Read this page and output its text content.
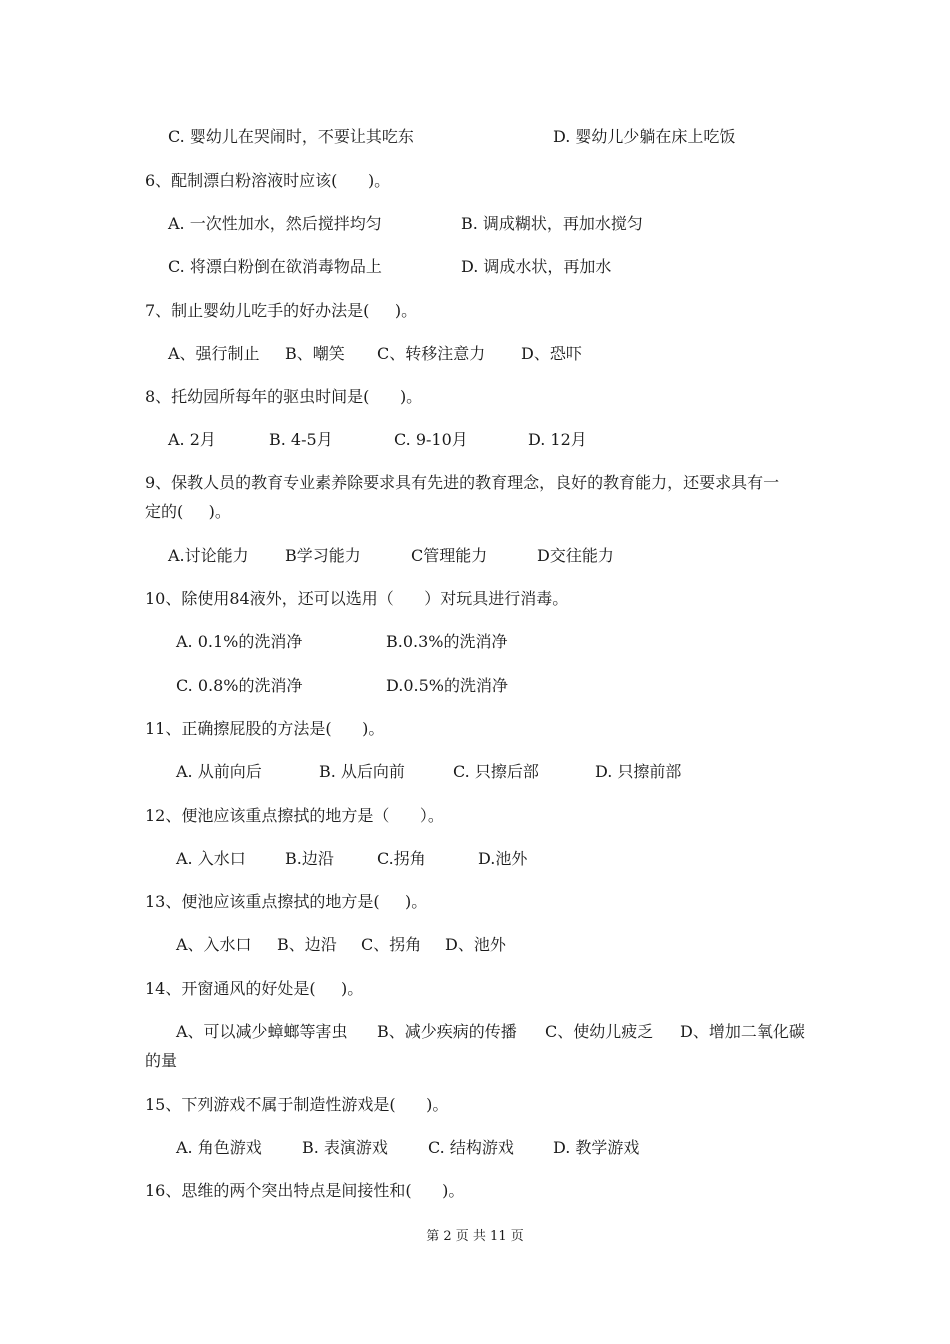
C. 婴幼儿在哭闹时，不要让其吃东	D. 婴幼儿少躺在床上吃饭
6、配制漂白粉溶液时应该(      )。
A. 一次性加水，然后搅拌均匀	B. 调成糊状，再加水搅匀
C. 将漂白粉倒在欲消毒物品上	D. 调成水状，再加水
7、制止婴幼儿吃手的好办法是(     )。
A、强行制止 B、嘲笑 C、转移注意力 D、恐吓
8、托幼园所每年的驱虫时间是(      )。
A. 2月	B. 4-5月	C. 9-10月	D. 12月
9、保教人员的教育专业素养除要求具有先进的教育理念，良好的教育能力，还要求具有一
定的(     )。
A.讨论能力 B学习能力	C管理能力	D交往能力
10、除使用84液外，还可以选用（      ）对玩具进行消毒。
A. 0.1%的洗消净	B.0.3%的洗消净
C. 0.8%的洗消净	D.0.5%的洗消净
11、正确擦屁股的方法是(      )。
A. 从前向后	B. 从后向前	C. 只擦后部	D. 只擦前部
12、便池应该重点擦拭的地方是（      ）。
A. 入水口 B.边沿	C.拐角	D.池外
13、便池应该重点擦拭的地方是(     )。
A、入水口 B、边沿 C、拐角 D、池外
14、开窗通风的好处是(     )。
A、可以减少蟑螂等害虫 B、减少疾病的传播 C、使幼儿疲乏 D、增加二氧化碳
的量
15、下列游戏不属于制造性游戏是(      )。
A. 角色游戏	B. 表演游戏	C. 结构游戏 D. 教学游戏
16、思维的两个突出特点是间接性和(      )。
第 2 页 共 11 页
